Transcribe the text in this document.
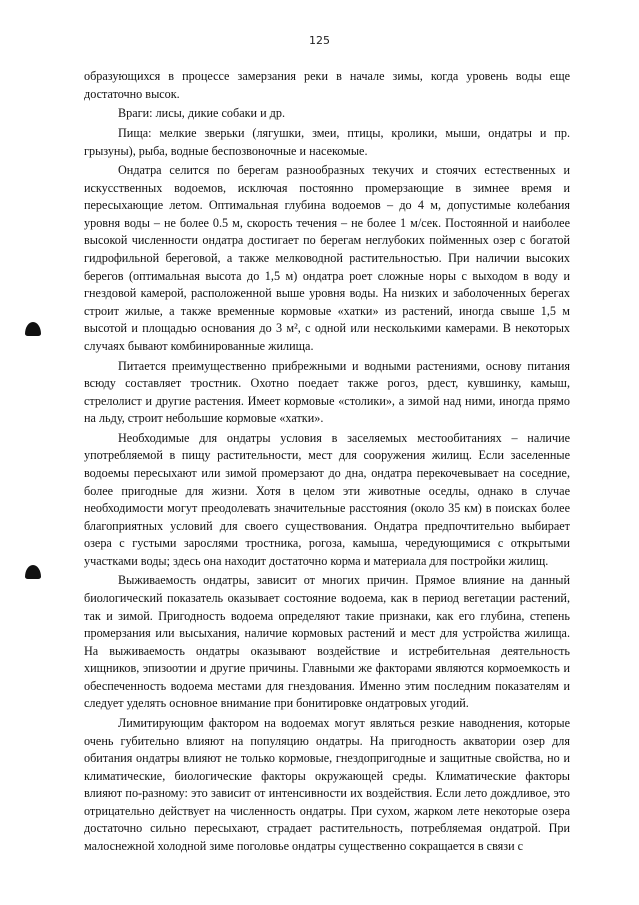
125

образующихся в процессе замерзания реки в начале зимы, когда уровень воды еще достаточно высок.

Враги: лисы, дикие собаки и др.

Пища: мелкие зверьки (лягушки, змеи, птицы, кролики, мыши, ондатры и пр. грызуны), рыба, водные беспозвоночные и насекомые.

Ондатра селится по берегам разнообразных текучих и стоячих естественных и искусственных водоемов, исключая постоянно промерзающие в зимнее время и пересыхающие летом. Оптимальная глубина водоемов – до 4 м, допустимые колебания уровня воды – не более 0.5 м, скорость течения – не более 1 м/сек. Постоянной и наиболее высокой численности ондатра достигает по берегам неглубоких пойменных озер с богатой гидрофильной береговой, а также мелководной растительностью. При наличии высоких берегов (оптимальная высота до 1,5 м) ондатра роет сложные норы с выходом в воду и гнездовой камерой, расположенной выше уровня воды. На низких и заболоченных берегах строит жилые, а также временные кормовые «хатки» из растений, иногда свыше 1,5 м высотой и площадью основания до 3 м², с одной или несколькими камерами. В некоторых случаях бывают комбинированные жилища.

Питается преимущественно прибрежными и водными растениями, основу питания всюду составляет тростник. Охотно поедает также рогоз, рдест, кувшинку, камыш, стрелолист и другие растения. Имеет кормовые «столики», а зимой над ними, иногда прямо на льду, строит небольшие кормовые «хатки».

Необходимые для ондатры условия в заселяемых местообитаниях – наличие употребляемой в пищу растительности, мест для сооружения жилищ. Если заселенные водоемы пересыхают или зимой промерзают до дна, ондатра перекочевывает на соседние, более пригодные для жизни. Хотя в целом эти животные оседлы, однако в случае необходимости могут преодолевать значительные расстояния (около 35 км) в поисках более благоприятных условий для своего существования. Ондатра предпочтительно выбирает озера с густыми зарослями тростника, рогоза, камыша, чередующимися с открытыми участками воды; здесь она находит достаточно корма и материала для постройки жилищ.

Выживаемость ондатры, зависит от многих причин. Прямое влияние на данный биологический показатель оказывает состояние водоема, как в период вегетации растений, так и зимой. Пригодность водоема определяют такие признаки, как его глубина, степень промерзания или высыхания, наличие кормовых растений и мест для устройства жилища. На выживаемость ондатры оказывают воздействие и истребительная деятельность хищников, эпизоотии и другие причины. Главными же факторами являются кормоемкость и обеспеченность водоема местами для гнездования. Именно этим последним показателям и следует уделять основное внимание при бонитировке ондатровых угодий.

Лимитирующим фактором на водоемах могут являться резкие наводнения, которые очень губительно влияют на популяцию ондатры. На пригодность акватории озер для обитания ондатры влияют не только кормовые, гнездопригодные и защитные свойства, но и климатические, биологические факторы окружающей среды. Климатические факторы влияют по-разному: это зависит от интенсивности их воздействия. Если лето дождливое, это отрицательно действует на численность ондатры. При сухом, жарком лете некоторые озера достаточно сильно пересыхают, страдает растительность, потребляемая ондатрой. При малоснежной холодной зиме поголовье ондатры существенно сокращается в связи с
